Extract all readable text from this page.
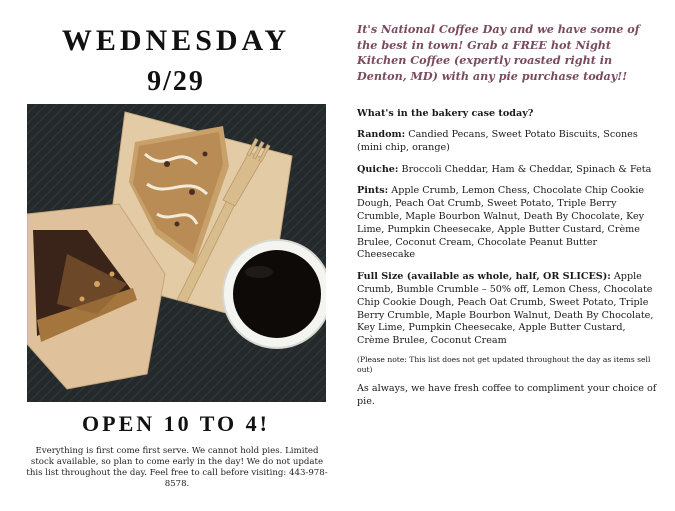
WEDNESDAY
9/29
OPEN 10 TO 4!
Everything is first come first serve. We cannot hold pies. Limited stock available, so plan to come early in the day! We do not update this list throughout the day. Feel free to call before visiting: 443-978-8578.

It's National Coffee Day and we have some of the best in town! Grab a FREE hot Night Kitchen Coffee (expertly roasted right in Denton, MD) with any pie purchase today!!

What's in the bakery case today?
Random: Candied Pecans, Sweet Potato Biscuits, Scones (mini chip, orange)
Quiche: Broccoli Cheddar, Ham & Cheddar, Spinach & Feta
Pints: Apple Crumb, Lemon Chess, Chocolate Chip Cookie Dough, Peach Oat Crumb, Sweet Potato, Triple Berry Crumble, Maple Bourbon Walnut, Death By Chocolate, Key Lime, Pumpkin Cheesecake, Apple Butter Custard, Crème Brulee, Coconut Cream, Chocolate Peanut Butter Cheesecake
Full Size (available as whole, half, OR SLICES): Apple Crumb, Bumble Crumble – 50% off, Lemon Chess, Chocolate Chip Cookie Dough, Peach Oat Crumb, Sweet Potato, Triple Berry Crumble, Maple Bourbon Walnut, Death By Chocolate, Key Lime, Pumpkin Cheesecake, Apple Butter Custard, Crème Brulee, Coconut Cream
(Please note: This list does not get updated throughout the day as items sell out)
As always, we have fresh coffee to compliment your choice of pie.
